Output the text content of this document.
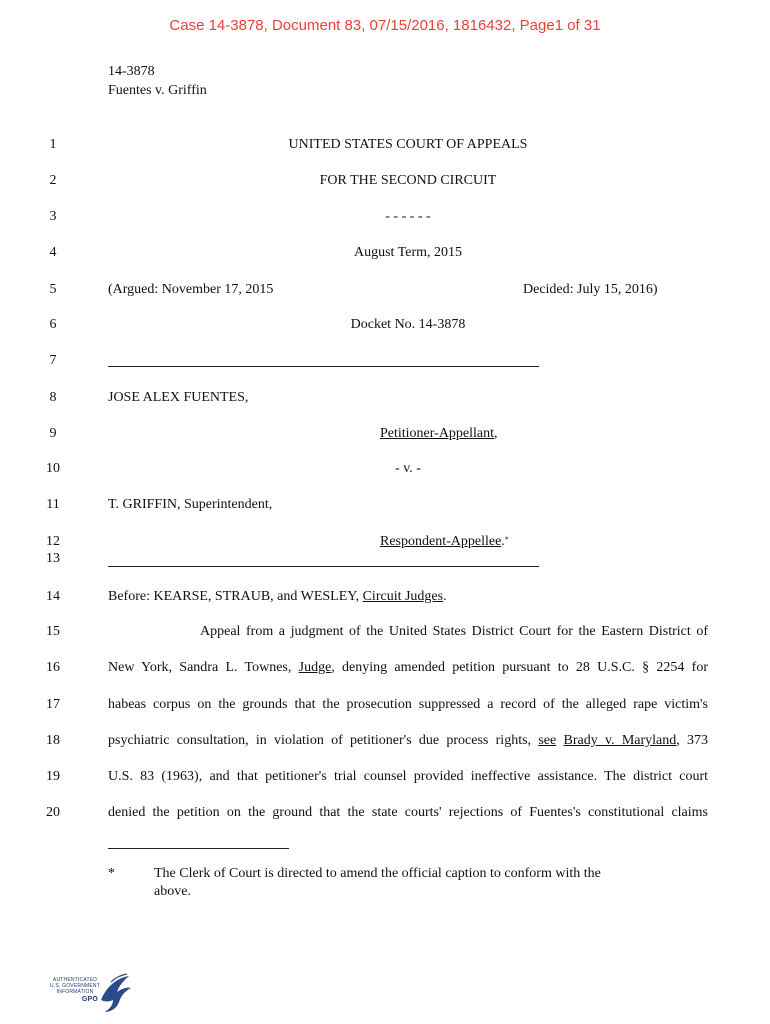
Case 14-3878, Document 83, 07/15/2016, 1816432, Page1 of 31
14-3878
Fuentes v. Griffin
1
2
3
4
5
6
7
8
9
10
11
12
13
14
15
16
17
18
19
20
UNITED STATES COURT OF APPEALS
FOR THE SECOND CIRCUIT
- - - - - -
August Term, 2015
(Argued: November 17, 2015	Decided: July 15, 2016)
Docket No. 14-3878
JOSE ALEX FUENTES,
Petitioner-Appellant,
- v. -
T. GRIFFIN, Superintendent,
Respondent-Appellee.*
Before: KEARSE, STRAUB, and WESLEY, Circuit Judges.
Appeal from a judgment of the United States District Court for the Eastern District of
New York, Sandra L. Townes, Judge, denying amended petition pursuant to 28 U.S.C. § 2254 for
habeas corpus on the grounds that the prosecution suppressed a record of the alleged rape victim's
psychiatric consultation, in violation of petitioner's due process rights, see Brady v. Maryland, 373
U.S. 83 (1963), and that petitioner's trial counsel provided ineffective assistance. The district court
denied the petition on the ground that the state courts' rejections of Fuentes's constitutional claims
*	The Clerk of Court is directed to amend the official caption to conform with the
above.
AUTHENTICATED
U.S. GOVERNMENT
INFORMATION
GPO
